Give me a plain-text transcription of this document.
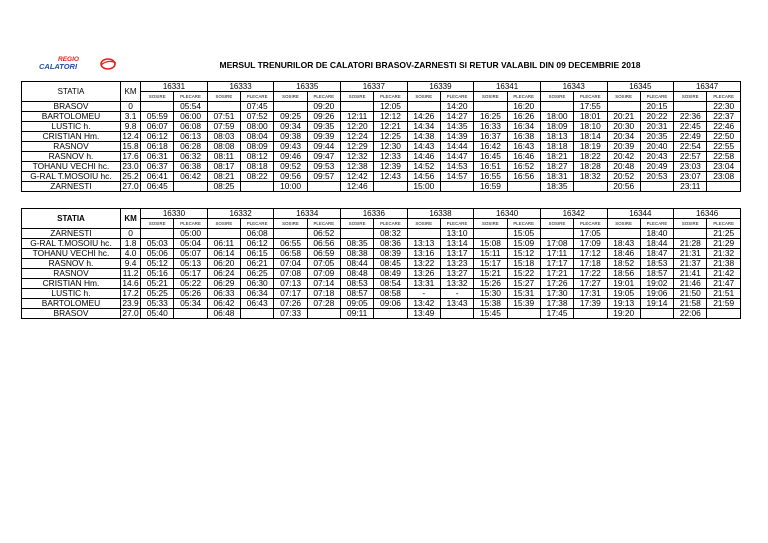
REGIO
CALATORI	MERSUL TRENURILOR DE CALATORI BRASOV-ZARNESTI SI RETUR VALABIL DIN 09 DECEMBRIE 2018
STATIA	KM	16331		16333		16335		16337		16339		16341		16343		16345		16347	
		SOSIRE	PLECARE	SOSIRE	PLECARE	SOSIRE	PLECARE	SOSIRE	PLECARE	SOSIRE	PLECARE	SOSIRE	PLECARE	SOSIRE	PLECARE	SOSIRE	PLECARE	SOSIRE	PLECARE
BRASOV	0		05:54		07:45		09:20		12:05		14:20		16:20		17:55		20:15		22:30
BARTOLOMEU	3.1	05:59	06:00	07:51	07:52	09:25	09:26	12:11	12:12	14:26	14:27	16:25	16:26	18:00	18:01	20:21	20:22	22:36	22:37
LUSTIC h.	9.8	06:07	06:08	07:59	08:00	09:34	09:35	12:20	12:21	14:34	14:35	16:33	16:34	18:09	18:10	20:30	20:31	22:45	22:46
CRISTIAN Hm.	12.4	06:12	06:13	08:03	08:04	09:38	09:39	12:24	12:25	14:38	14:39	16:37	16:38	18:13	18:14	20:34	20:35	22:49	22:50
RASNOV	15.8	06:18	06:28	08:08	08:09	09:43	09:44	12:29	12:30	14:43	14:44	16:42	16:43	18:18	18:19	20:39	20:40	22:54	22:55
RASNOV h.	17.6	06:31	06:32	08:11	08:12	09:46	09:47	12:32	12:33	14:46	14:47	16:45	16:46	18:21	18:22	20:42	20:43	22:57	22:58
TOHANU VECHI hc.	23.0	06:37	06:38	08:17	08:18	09:52	09:53	12:38	12:39	14:52	14:53	16:51	16:52	18:27	18:28	20:48	20:49	23:03	23:04
G-RAL T.MOSOIU hc.	25.2	06:41	06:42	08:21	08:22	09:56	09:57	12:42	12:43	14:56	14:57	16:55	16:56	18:31	18:32	20:52	20:53	23:07	23:08
ZARNESTI	27.0	06:45		08:25		10:00		12:46		15:00		16:59		18:35		20:56		23:11	
STATIA	KM	16330		16332		16334		16336		16338		16340		16342		16344		16346	
		SOSIRE	PLECARE	SOSIRE	PLECARE	SOSIRE	PLECARE	SOSIRE	PLECARE	SOSIRE	PLECARE	SOSIRE	PLECARE	SOSIRE	PLECARE	SOSIRE	PLECARE	SOSIRE	PLECARE
ZARNESTI	0		05:00		06:08		06:52		08:32		13:10		15:05		17:05		18:40		21:25
G-RAL T.MOSOIU hc.	1.8	05:03	05:04	06:11	06:12	06:55	06:56	08:35	08:36	13:13	13:14	15:08	15:09	17:08	17:09	18:43	18:44	21:28	21:29
TOHANU VECHI hc.	4.0	05:06	05:07	06:14	06:15	06:58	06:59	08:38	08:39	13:16	13:17	15:11	15:12	17:11	17:12	18:46	18:47	21:31	21:32
RASNOV h.	9.4	05:12	05:13	06:20	06:21	07:04	07:05	08:44	08:45	13:22	13:23	15:17	15:18	17:17	17:18	18:52	18:53	21:37	21:38
RASNOV	11.2	05:16	05:17	06:24	06:25	07:08	07:09	08:48	08:49	13:26	13:27	15:21	15:22	17:21	17:22	18:56	18:57	21:41	21:42
CRISTIAN Hm.	14.6	05:21	05:22	06:29	06:30	07:13	07:14	08:53	08:54	13:31	13:32	15:26	15:27	17:26	17:27	19:01	19:02	21:46	21:47
LUSTIC h.	17.2	05:25	05:26	06:33	06:34	07:17	07:18	08:57	08:58	-	-	15:30	15:31	17:30	17:31	19:05	19:06	21:50	21:51
BARTOLOMEU	23.9	05:33	05:34	06:42	06:43	07:26	07:28	09:05	09:06	13:42	13:43	15:38	15:39	17:38	17:39	19:13	19:14	21:58	21:59
BRASOV	27.0	05:40		06:48		07:33		09:11		13:49		15:45		17:45		19:20		22:06	
